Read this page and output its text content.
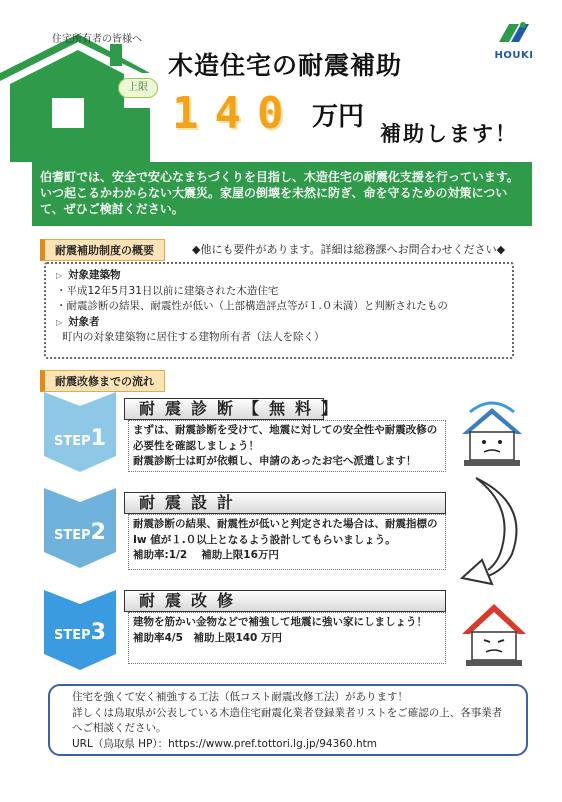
住宅所有者の皆様へ
木造住宅の耐震補助
上限
140 万円
補助します！
HOUKI
伯耆町では、安全で安心なまちづくりを目指し、木造住宅の耐震化支援を行っています。いつ起こるかわからない大震災。家屋の倒壊を未然に防ぎ、命を守るための対策について、ぜひご検討ください。
耐震補助制度の概要	◆他にも要件があります。詳細は総務課へお問合わせください◆
▷ 対象建築物
・平成12年5月31日以前に建築された木造住宅
・耐震診断の結果、耐震性が低い（上部構造評点等が１.０未満）と判断されたもの
▷ 対象者
町内の対象建築物に居住する建物所有者（法人を除く）
耐震改修までの流れ
STEP1
耐震診断【無料】
まずは、耐震診断を受けて、地震に対しての安全性や耐震改修の必要性を確認しましょう！
耐震診断士は町が依頼し、申請のあったお宅へ派遣します！
STEP2
耐震設計
耐震診断の結果、耐震性が低いと判定された場合は、耐震指標の Iw 値が１.０以上となるよう設計してもらいましょう。
補助率:1/2　 補助上限16万円
STEP3
耐震改修
建物を筋かい金物などで補強して地震に強い家にしましょう！
補助率4/5　補助上限140 万円
住宅を強くて安く補強する工法（低コスト耐震改修工法）があります！
詳しくは鳥取県が公表している木造住宅耐震化業者登録業者リストをご確認の上、各事業者へご相談ください。
URL（鳥取県 HP）：https://www.pref.tottori.lg.jp/94360.htm
